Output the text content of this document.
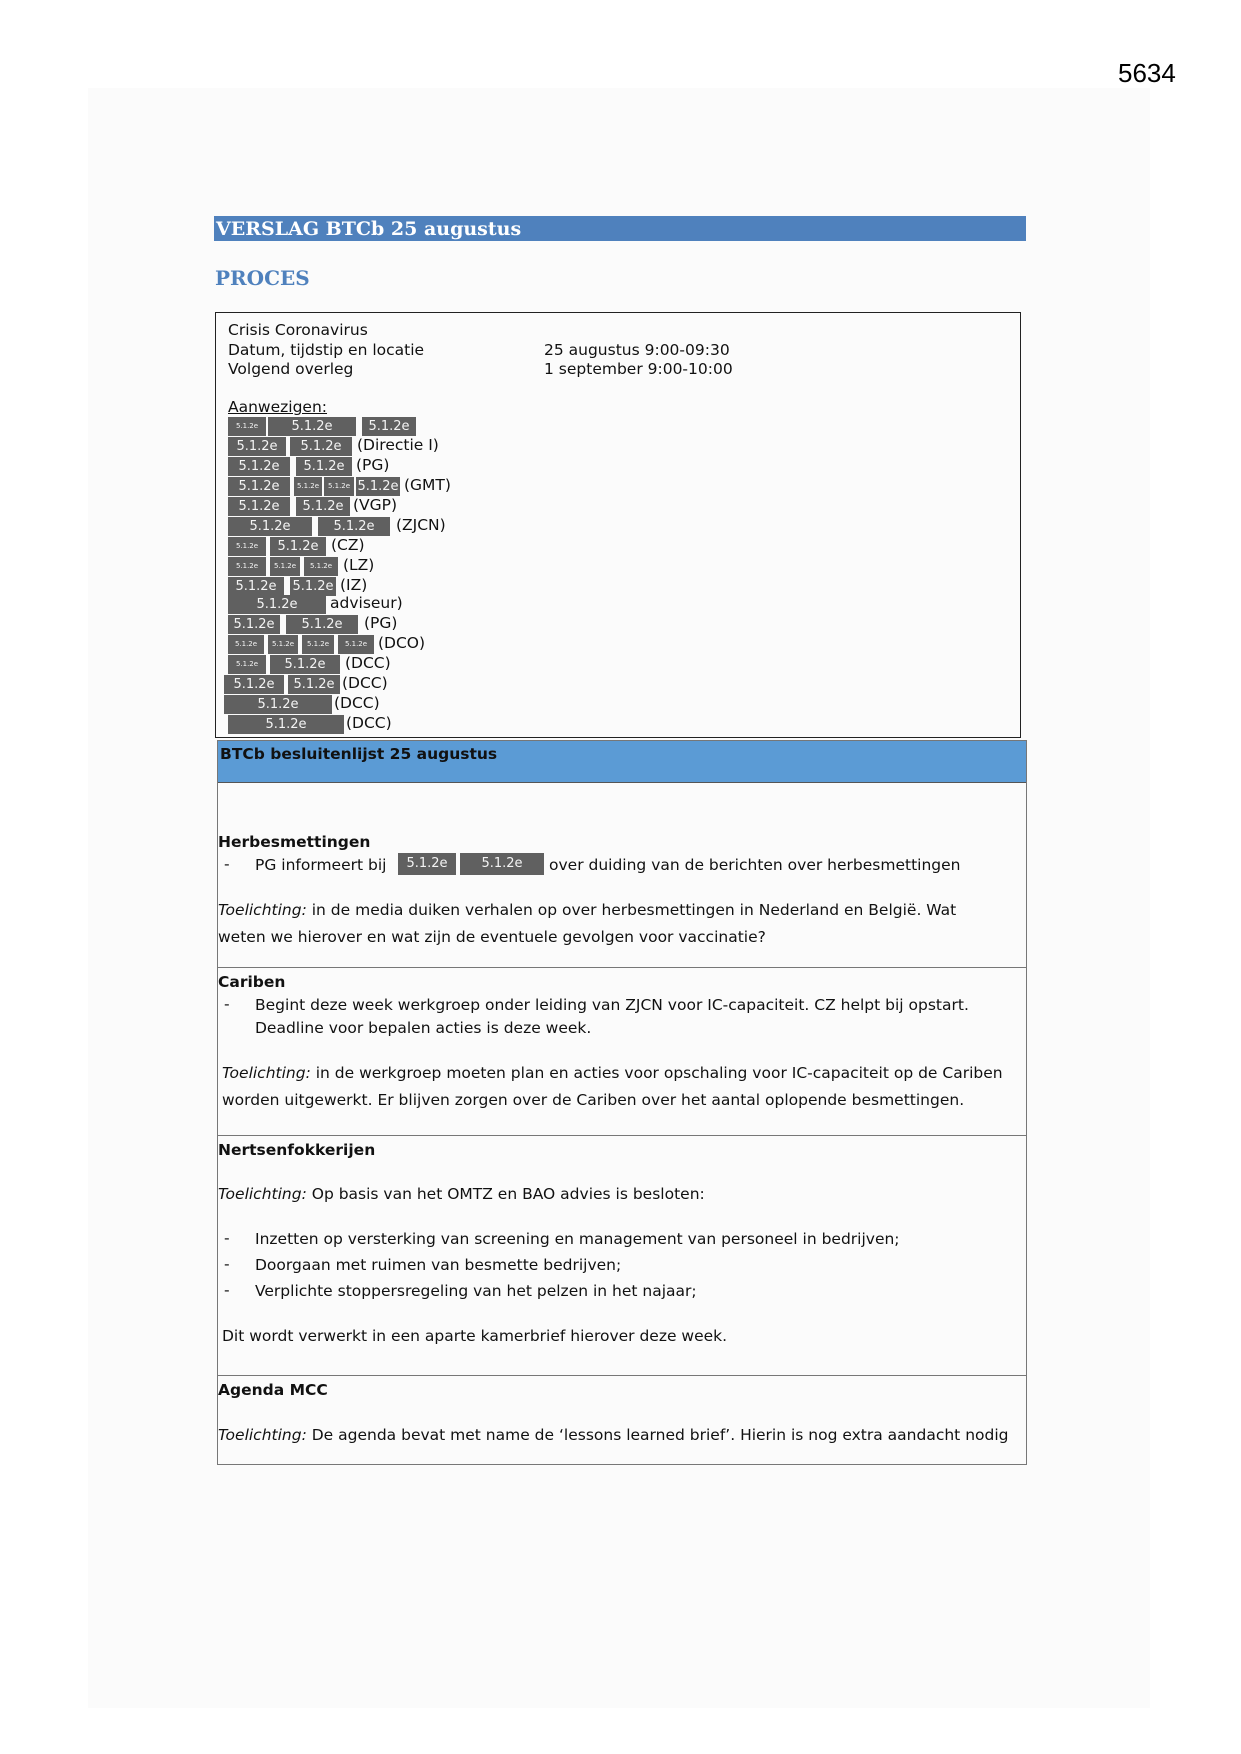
5634
VERSLAG BTCb 25 augustus
PROCES
Crisis Coronavirus
Datum, tijdstip en locatie	25 augustus 9:00-09:30
Volgend overleg	1 september 9:00-10:00
Aanwezigen:
5.1.2e	5.1.2e	5.1.2e
5.1.2e	5.1.2e (Directie I)
5.1.2e	5.1.2e (PG)
5.1.2e	5.1.2e	5.1.2e 5.1.2e (GMT)
5.1.2e	5.1.2e (VGP)
5.1.2e	5.1.2e	(ZJCN)
5.1.2e	5.1.2e (CZ)
5.1.2e	5.1.2e	5.1.2e (LZ)
5.1.2e	5.1.2e (IZ)
5.1.2e	adviseur)
5.1.2e	5.1.2e	(PG)
5.1.2e	5.1.2e	5.1.2e	5.1.2e (DCO)
5.1.2e	5.1.2e	(DCC)
5.1.2e	5.1.2e (DCC)
5.1.2e	(DCC)
5.1.2e	(DCC)
BTCb besluitenlijst 25 augustus
Herbesmettingen
- PG informeert bij	5.1.2e	5.1.2e	over duiding van de berichten over herbesmettingen
Toelichting: in de media duiken verhalen op over herbesmettingen in Nederland en België. Wat
weten we hierover en wat zijn de eventuele gevolgen voor vaccinatie?
Cariben
- Begint deze week werkgroep onder leiding van ZJCN voor IC-capaciteit. CZ helpt bij opstart.
Deadline voor bepalen acties is deze week.
Toelichting: in de werkgroep moeten plan en acties voor opschaling voor IC-capaciteit op de Cariben
worden uitgewerkt. Er blijven zorgen over de Cariben over het aantal oplopende besmettingen.
Nertsenfokkerijen
Toelichting: Op basis van het OMTZ en BAO advies is besloten:
- Inzetten op versterking van screening en management van personeel in bedrijven;
- Doorgaan met ruimen van besmette bedrijven;
- Verplichte stoppersregeling van het pelzen in het najaar;
Dit wordt verwerkt in een aparte kamerbrief hierover deze week.
Agenda MCC
Toelichting: De agenda bevat met name de ‘lessons learned brief’. Hierin is nog extra aandacht nodig
